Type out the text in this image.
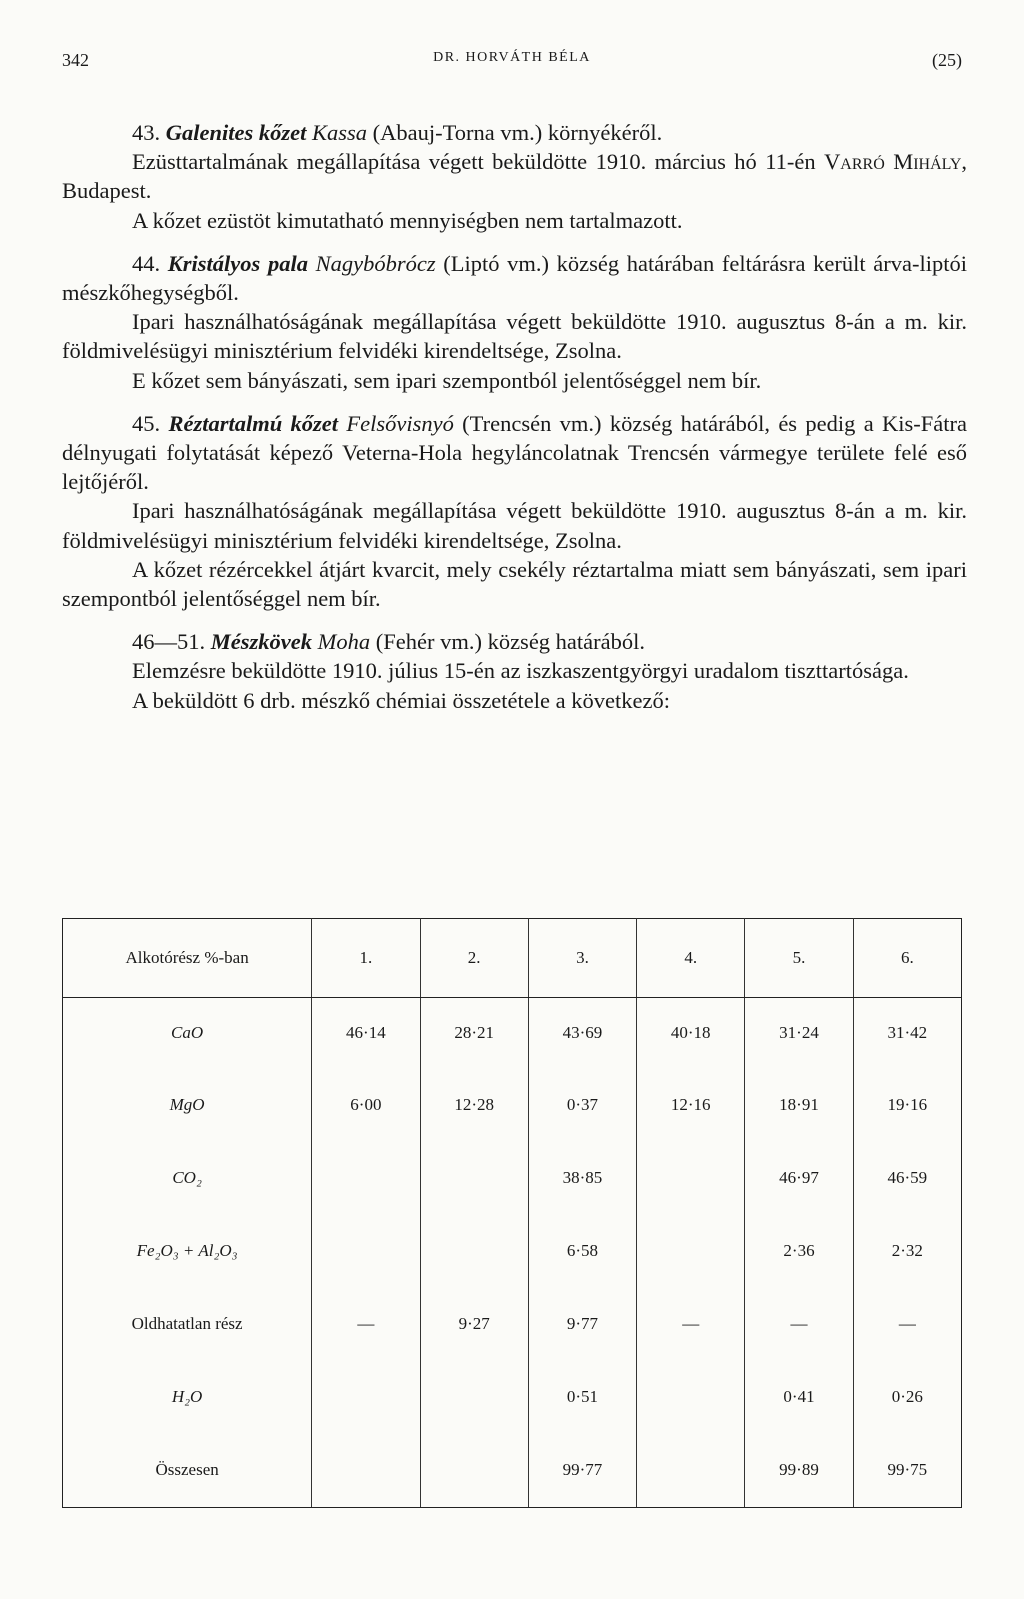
342	DR. HORVÁTH BÉLA	(25)

43. Galenites kőzet Kassa (Abauj-Torna vm.) környékéről.

Ezüsttartalmának megállapítása végett beküldötte 1910. március hó 11-én Varró Mihály, Budapest.

A kőzet ezüstöt kimutatható mennyiségben nem tartalmazott.

44. Kristályos pala Nagybóbrócz (Liptó vm.) község határában feltárásra került árva-liptói mészkőhegységből.

Ipari használhatóságának megállapítása végett beküldötte 1910. augusztus 8-án a m. kir. földmivelésügyi minisztérium felvidéki kirendeltsége, Zsolna.

E kőzet sem bányászati, sem ipari szempontból jelentőséggel nem bír.

45. Réztartalmú kőzet Felsővisnyó (Trencsén vm.) község határából, és pedig a Kis-Fátra délnyugati folytatását képező Veterna-Hola hegyláncolatnak Trencsén vármegye területe felé eső lejtőjéről.

Ipari használhatóságának megállapítása végett beküldötte 1910. augusztus 8-án a m. kir. földmivelésügyi minisztérium felvidéki kirendeltsége, Zsolna.

A kőzet rézércekkel átjárt kvarcit, mely csekély réztartalma miatt sem bányászati, sem ipari szempontból jelentőséggel nem bír.

46—51. Mészkövek Moha (Fehér vm.) község határából.

Elemzésre beküldötte 1910. július 15-én az iszkaszentgyörgyi uradalom tiszttartósága.

A beküldött 6 drb. mészkő chémiai összetétele a következő:

Alkotórész %-ban	1.	2.	3.	4.	5.	6.
CaO	46·14	28·21	43·69	40·18	31·24	31·42
MgO	6·00	12·28	0·37	12·16	18·91	19·16
CO₂			38·85		46·97	46·59
Fe₂O₃ + Al₂O₃			6·58		2·36	2·32
Oldhatatlan rész	—	9·27	9·77	—	—	—
H₂O			0·51		0·41	0·26
Összesen			99·77		99·89	99·75
